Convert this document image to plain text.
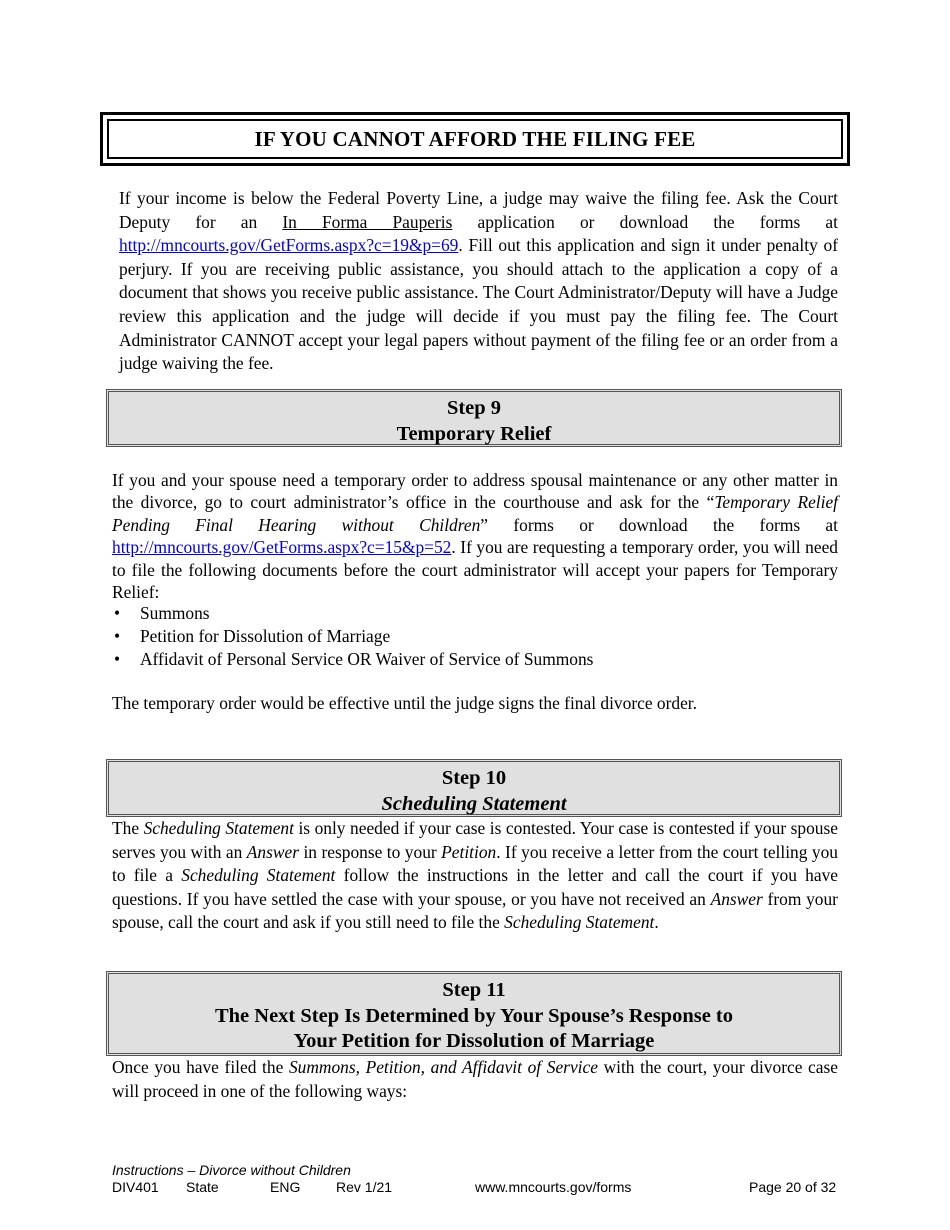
IF YOU CANNOT AFFORD THE FILING FEE
If your income is below the Federal Poverty Line, a judge may waive the filing fee. Ask the Court Deputy for an In Forma Pauperis application or download the forms at http://mncourts.gov/GetForms.aspx?c=19&p=69. Fill out this application and sign it under penalty of perjury. If you are receiving public assistance, you should attach to the application a copy of a document that shows you receive public assistance. The Court Administrator/Deputy will have a Judge review this application and the judge will decide if you must pay the filing fee. The Court Administrator CANNOT accept your legal papers without payment of the filing fee or an order from a judge waiving the fee.
Step 9
Temporary Relief
If you and your spouse need a temporary order to address spousal maintenance or any other matter in the divorce, go to court administrator’s office in the courthouse and ask for the “Temporary Relief Pending Final Hearing without Children” forms or download the forms at http://mncourts.gov/GetForms.aspx?c=15&p=52. If you are requesting a temporary order, you will need to file the following documents before the court administrator will accept your papers for Temporary Relief:
• Summons
• Petition for Dissolution of Marriage
• Affidavit of Personal Service OR Waiver of Service of Summons
The temporary order would be effective until the judge signs the final divorce order.
Step 10
Scheduling Statement
The Scheduling Statement is only needed if your case is contested. Your case is contested if your spouse serves you with an Answer in response to your Petition. If you receive a letter from the court telling you to file a Scheduling Statement follow the instructions in the letter and call the court if you have questions. If you have settled the case with your spouse, or you have not received an Answer from your spouse, call the court and ask if you still need to file the Scheduling Statement.
Step 11
The Next Step Is Determined by Your Spouse’s Response to
Your Petition for Dissolution of Marriage
Once you have filed the Summons, Petition, and Affidavit of Service with the court, your divorce case will proceed in one of the following ways:
Instructions – Divorce without Children
DIV401 State	ENG	Rev 1/21	www.mncourts.gov/forms	Page 20 of 32
